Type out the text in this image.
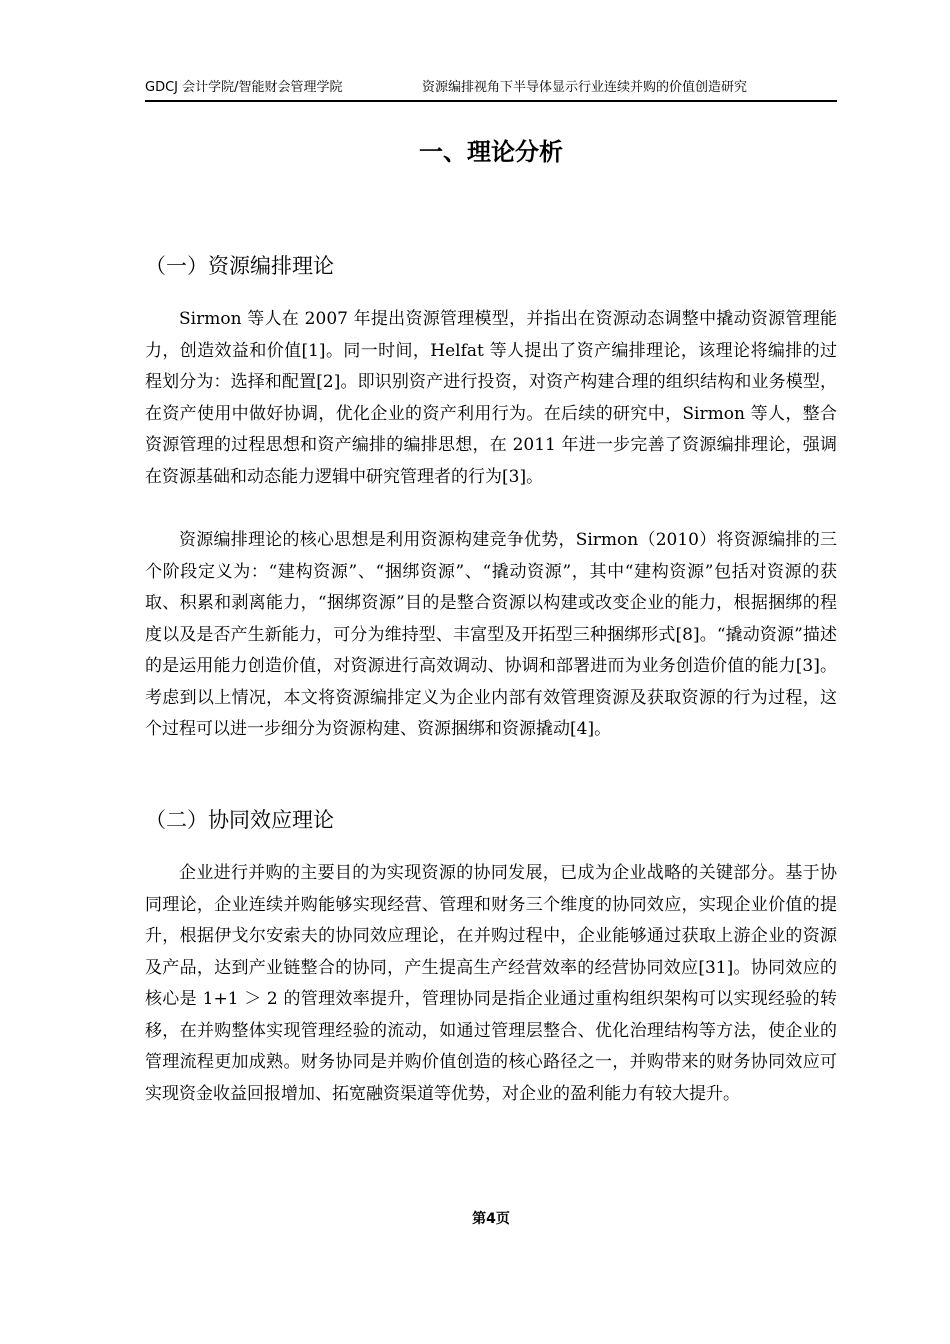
GDCJ 会计学院/智能财会管理学院	资源编排视角下半导体显示行业连续并购的价值创造研究
一、理论分析
（一）资源编排理论

Sirmon 等人在 2007 年提出资源管理模型，并指出在资源动态调整中撬动资源管理能力，创造效益和价值[1]。同一时间，Helfat 等人提出了资产编排理论，该理论将编排的过程划分为：选择和配置[2]。即识别资产进行投资，对资产构建合理的组织结构和业务模型，在资产使用中做好协调，优化企业的资产利用行为。在后续的研究中，Sirmon 等人，整合资源管理的过程思想和资产编排的编排思想，在 2011 年进一步完善了资源编排理论，强调在资源基础和动态能力逻辑中研究管理者的行为[3]。

资源编排理论的核心思想是利用资源构建竞争优势，Sirmon（2010）将资源编排的三个阶段定义为：“建构资源”、“捆绑资源”、“撬动资源”，其中“建构资源”包括对资源的获取、积累和剥离能力，“捆绑资源”目的是整合资源以构建或改变企业的能力，根据捆绑的程度以及是否产生新能力，可分为维持型、丰富型及开拓型三种捆绑形式[8]。“撬动资源”描述的是运用能力创造价值，对资源进行高效调动、协调和部署进而为业务创造价值的能力[3]。考虑到以上情况，本文将资源编排定义为企业内部有效管理资源及获取资源的行为过程，这个过程可以进一步细分为资源构建、资源捆绑和资源撬动[4]。

（二）协同效应理论

企业进行并购的主要目的为实现资源的协同发展，已成为企业战略的关键部分。基于协同理论，企业连续并购能够实现经营、管理和财务三个维度的协同效应，实现企业价值的提升，根据伊戈尔安索夫的协同效应理论，在并购过程中，企业能够通过获取上游企业的资源及产品，达到产业链整合的协同，产生提高生产经营效率的经营协同效应[31]。协同效应的核心是 1+1 ＞ 2 的管理效率提升，管理协同是指企业通过重构组织架构可以实现经验的转移，在并购整体实现管理经验的流动，如通过管理层整合、优化治理结构等方法，使企业的管理流程更加成熟。财务协同是并购价值创造的核心路径之一，并购带来的财务协同效应可实现资金收益回报增加、拓宽融资渠道等优势，对企业的盈利能力有较大提升。

第4页
